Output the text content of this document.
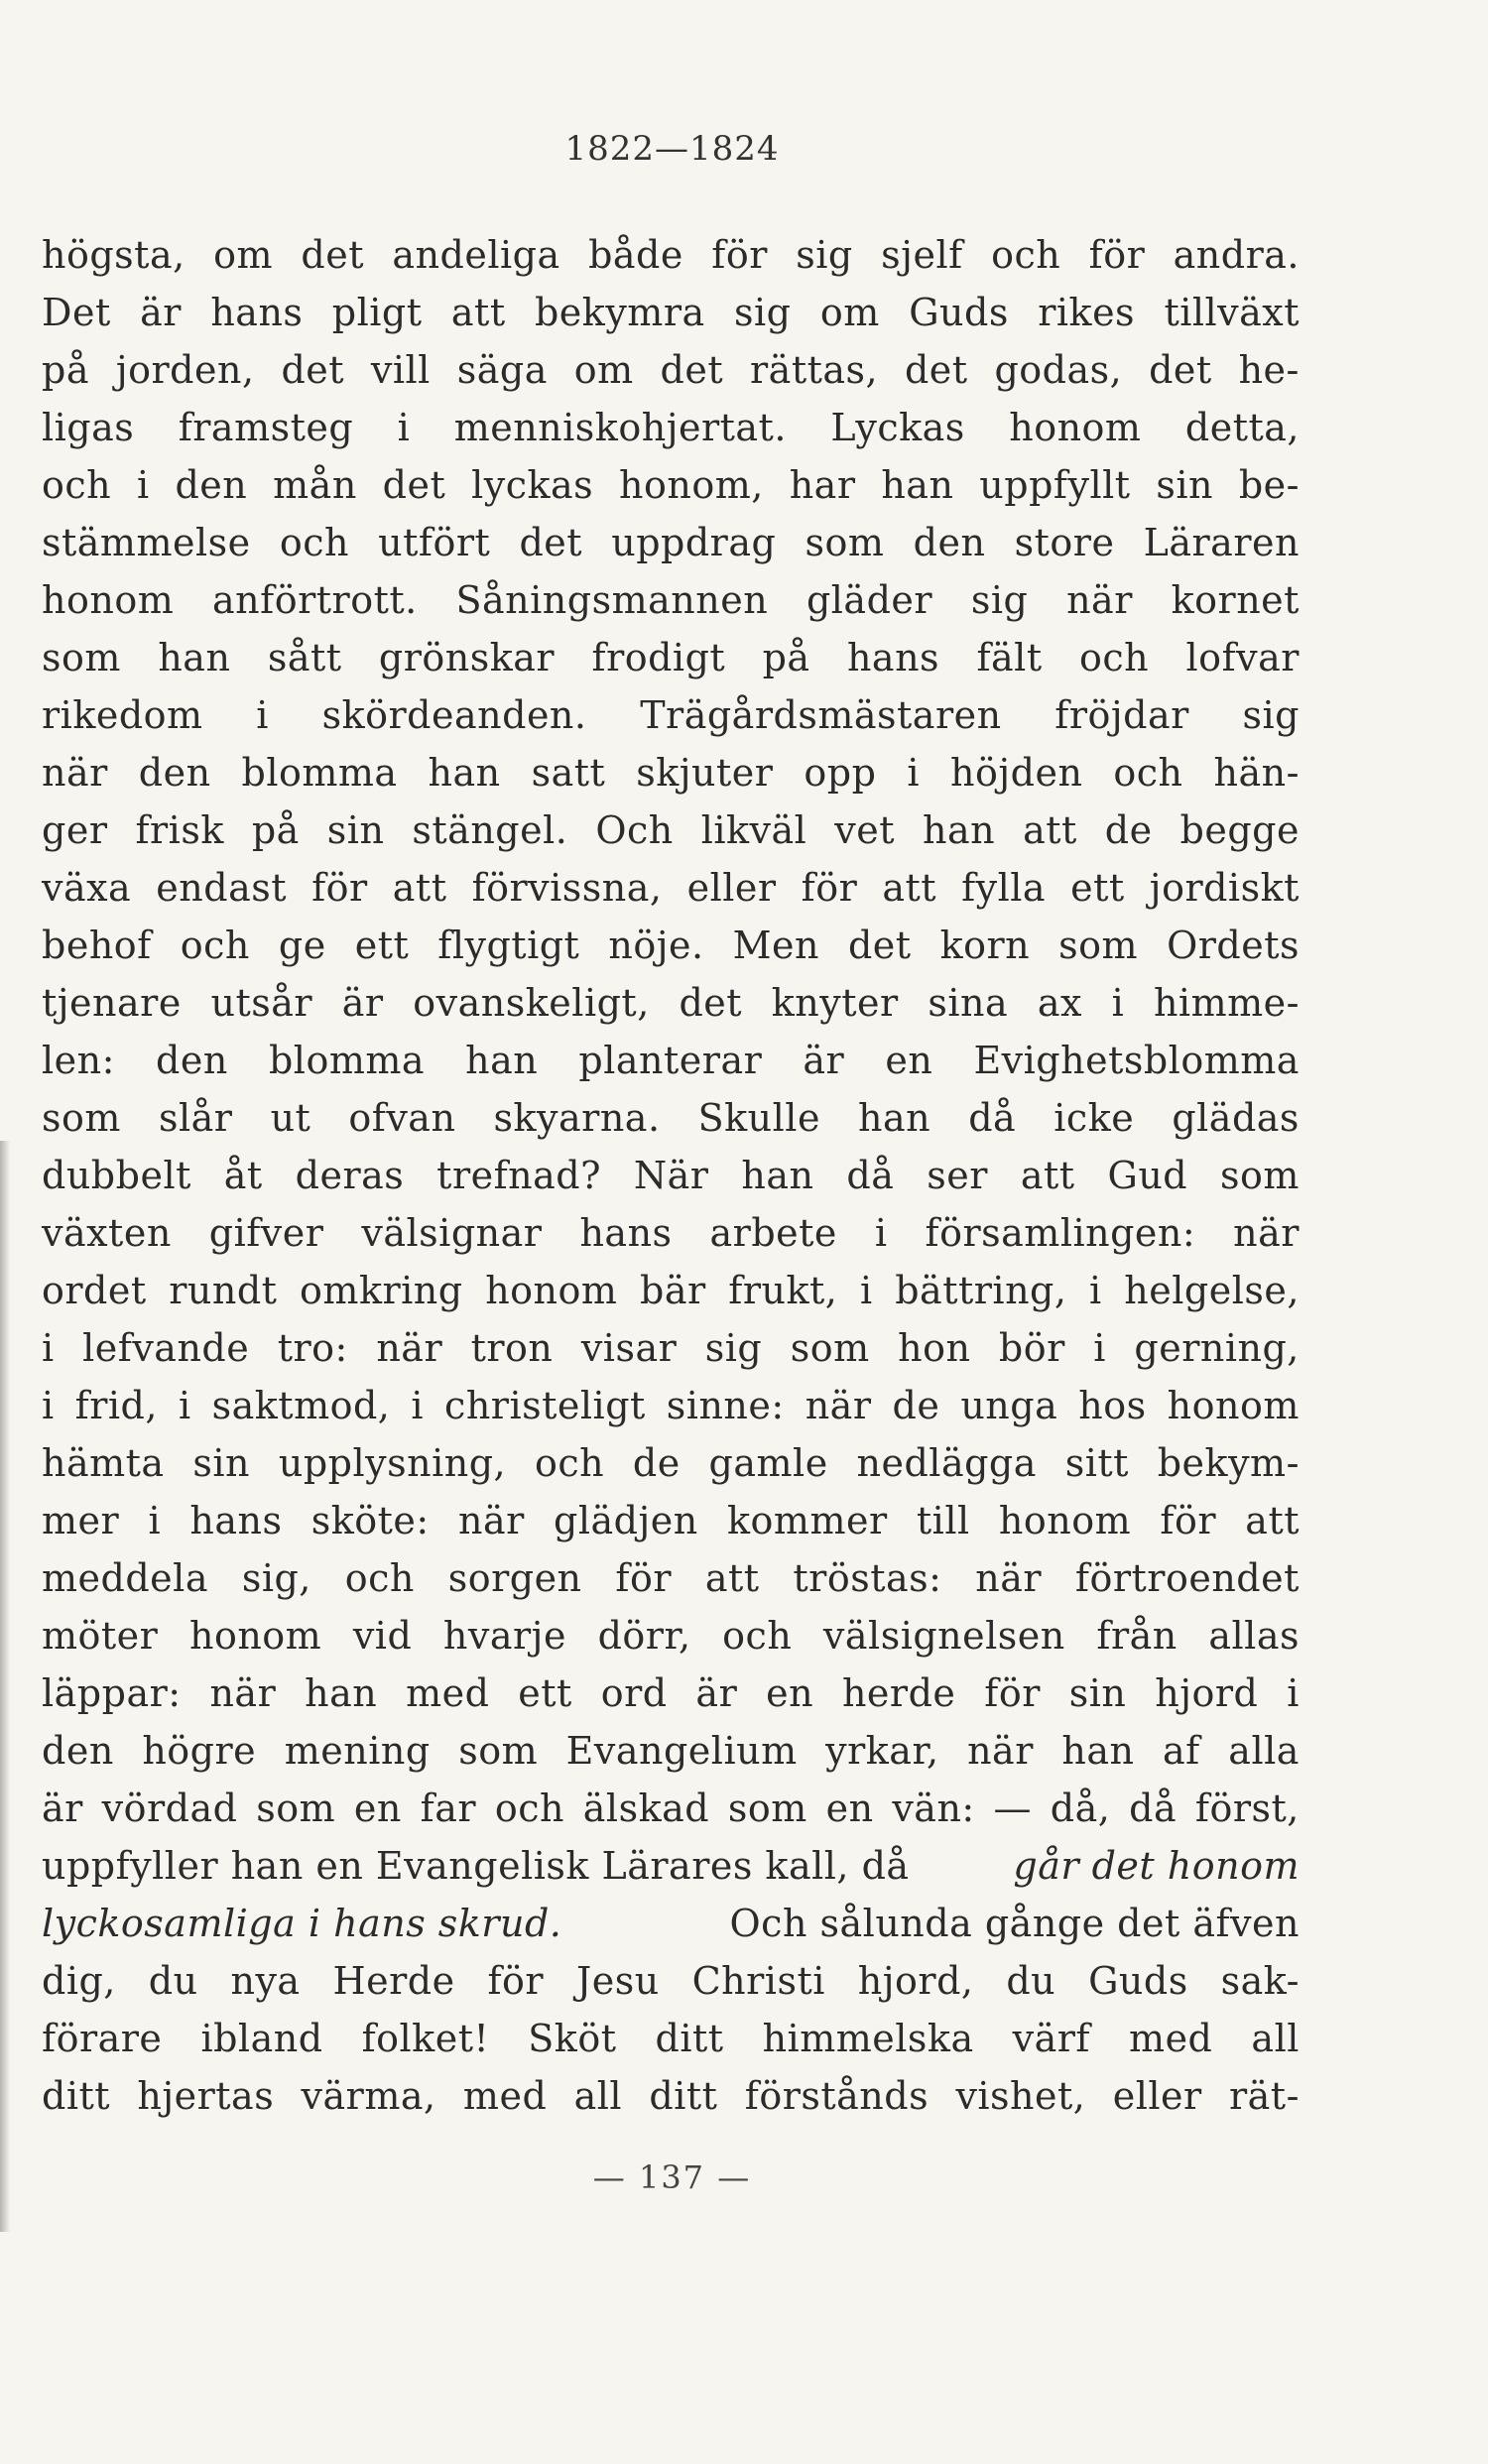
1822—1824
högsta, om det andeliga både för sig sjelf och för andra.
Det är hans pligt att bekymra sig om Guds rikes tillväxt
på jorden, det vill säga om det rättas, det godas, det he-
ligas framsteg i menniskohjertat. Lyckas honom detta,
och i den mån det lyckas honom, har han uppfyllt sin be-
stämmelse och utfört det uppdrag som den store Läraren
honom anförtrott. Såningsmannen gläder sig när kornet
som han sått grönskar frodigt på hans fält och lofvar
rikedom i skördeanden. Trägårdsmästaren fröjdar sig
när den blomma han satt skjuter opp i höjden och hän-
ger frisk på sin stängel. Och likväl vet han att de begge
växa endast för att förvissna, eller för att fylla ett jordiskt
behof och ge ett flygtigt nöje. Men det korn som Ordets
tjenare utsår är ovanskeligt, det knyter sina ax i himme-
len: den blomma han planterar är en Evighetsblomma
som slår ut ofvan skyarna. Skulle han då icke glädas
dubbelt åt deras trefnad? När han då ser att Gud som
växten gifver välsignar hans arbete i församlingen: när
ordet rundt omkring honom bär frukt, i bättring, i helgelse,
i lefvande tro: när tron visar sig som hon bör i gerning,
i frid, i saktmod, i christeligt sinne: när de unga hos honom
hämta sin upplysning, och de gamle nedlägga sitt bekym-
mer i hans sköte: när glädjen kommer till honom för att
meddela sig, och sorgen för att tröstas: när förtroendet
möter honom vid hvarje dörr, och välsignelsen från allas
läppar: när han med ett ord är en herde för sin hjord i
den högre mening som Evangelium yrkar, när han af alla
är vördad som en far och älskad som en vän: — då, då först,
uppfyller han en Evangelisk Lärares kall, då	går det honom
lyckosamliga i hans skrud.	Och sålunda gånge det äfven
dig, du nya Herde för Jesu Christi hjord, du Guds sak-
förare ibland folket! Sköt ditt himmelska värf med all
ditt hjertas värma, med all ditt förstånds vishet, eller rät-
— 137 —
